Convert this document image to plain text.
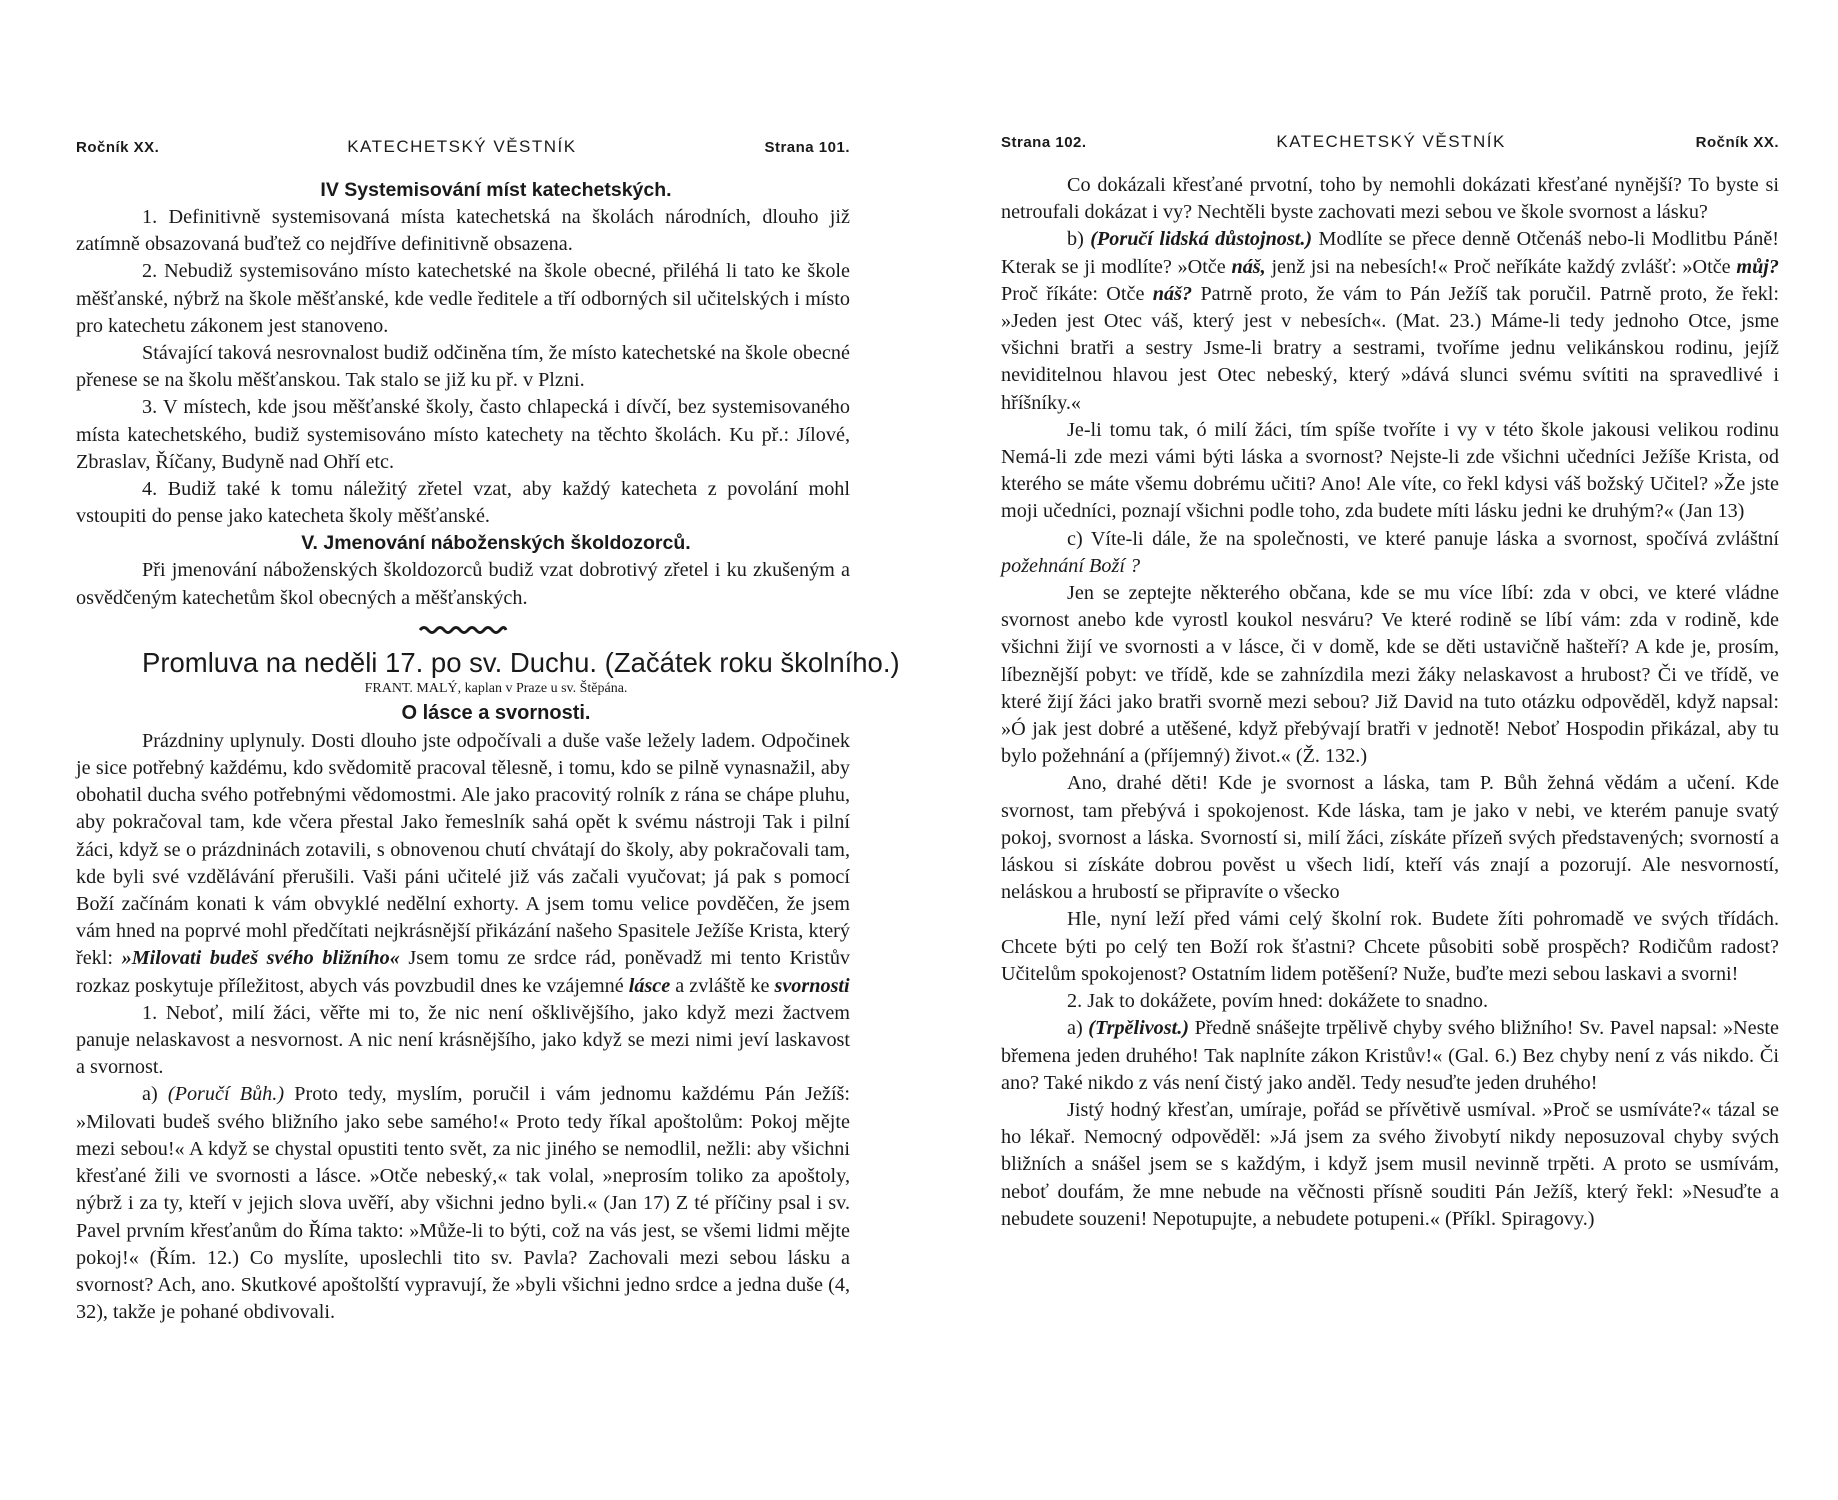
Ročník XX.	KATECHETSKÝ VĚSTNÍK	Strana 101.

IV Systemisování míst katechetských.

1. Definitivně systemisovaná místa katechetská na školách národních, dlouho již zatímně obsazovaná buďtež co nejdříve definitivně obsazena.

2. Nebudiž systemisováno místo katechetské na škole obecné, přiléhá li tato ke škole měšťanské, nýbrž na škole měšťanské, kde vedle ředitele a tří odborných sil učitelských i místo pro katechetu zákonem jest stanoveno.

Stávající taková nesrovnalost budiž odčiněna tím, že místo katechetské na škole obecné přenese se na školu měšťanskou. Tak stalo se již ku př. v Plzni.

3. V místech, kde jsou měšťanské školy, často chlapecká i dívčí, bez systemisovaného místa katechetského, budiž systemisováno místo katechety na těchto školách. Ku př.: Jílové, Zbraslav, Říčany, Budyně nad Ohří etc.

4. Budiž také k tomu náležitý zřetel vzat, aby každý katecheta z povolání mohl vstoupiti do pense jako katecheta školy měšťanské.

V. Jmenování náboženských školdozorců.

Při jmenování náboženských školdozorců budiž vzat dobrotivý zřetel i ku zkušeným a osvědčeným katechetům škol obecných a měšťanských.

Promluva na neděli 17. po sv. Duchu. (Začátek roku školního.)

FRANT. MALÝ, kaplan v Praze u sv. Štěpána.

O lásce a svornosti.

Prázdniny uplynuly. Dosti dlouho jste odpočívali a duše vaše ležely ladem. Odpočinek je sice potřebný každému, kdo svědomitě pracoval tělesně, i tomu, kdo se pilně vynasnažil, aby obohatil ducha svého potřebnými vědomostmi. Ale jako pracovitý rolník z rána se chápe pluhu, aby pokračoval tam, kde včera přestal Jako řemeslník sahá opět k svému nástroji Tak i pilní žáci, když se o prázdninách zotavili, s obnovenou chutí chvátají do školy, aby pokračovali tam, kde byli své vzdělávání přerušili. Vaši páni učitelé již vás začali vyučovat; já pak s pomocí Boží začínám konati k vám obvyklé nedělní exhorty. A jsem tomu velice povděčen, že jsem vám hned na poprvé mohl předčítati nejkrásnější přikázání našeho Spasitele Ježíše Krista, který řekl: »Milovati budeš svého bližního« Jsem tomu ze srdce rád, poněvadž mi tento Kristův rozkaz poskytuje příležitost, abych vás povzbudil dnes ke vzájemné lásce a zvláště ke svornosti

1. Neboť, milí žáci, věřte mi to, že nic není ošklivějšího, jako když mezi žactvem panuje nelaskavost a nesvornost. A nic není krásnějšího, jako když se mezi nimi jeví laskavost a svornost.

a) (Poručí Bůh.) Proto tedy, myslím, poručil i vám jednomu každému Pán Ježíš: »Milovati budeš svého bližního jako sebe samého!« Proto tedy říkal apoštolům: Pokoj mějte mezi sebou!« A když se chystal opustiti tento svět, za nic jiného se nemodlil, nežli: aby všichni křesťané žili ve svornosti a lásce. »Otče nebeský,« tak volal, »neprosím toliko za apoštoly, nýbrž i za ty, kteří v jejich slova uvěří, aby všichni jedno byli.« (Jan 17) Z té příčiny psal i sv. Pavel prvním křesťanům do Říma takto: »Může-li to býti, což na vás jest, se všemi lidmi mějte pokoj!« (Řím. 12.) Co myslíte, uposlechli tito sv. Pavla? Zachovali mezi sebou lásku a svornost? Ach, ano. Skutkové apoštolští vypravují, že »byli všichni jedno srdce a jedna duše (4, 32), takže je pohané obdivovali.

Strana 102.	KATECHETSKÝ VĚSTNÍK	Ročník XX.

Co dokázali křesťané prvotní, toho by nemohli dokázati křesťané nynější? To byste si netroufali dokázat i vy? Nechtěli byste zachovati mezi sebou ve škole svornost a lásku?

b) (Poručí lidská důstojnost.) Modlíte se přece denně Otčenáš nebo-li Modlitbu Páně! Kterak se ji modlíte? »Otče náš, jenž jsi na nebesích!« Proč neříkáte každý zvlášť: »Otče můj? Proč říkáte: Otče náš? Patrně proto, že vám to Pán Ježíš tak poručil. Patrně proto, že řekl: »Jeden jest Otec váš, který jest v nebesích«. (Mat. 23.) Máme-li tedy jednoho Otce, jsme všichni bratři a sestry Jsme-li bratry a sestrami, tvoříme jednu velikánskou rodinu, jejíž neviditelnou hlavou jest Otec nebeský, který »dává slunci svému svítiti na spravedlivé i hříšníky.«

Je-li tomu tak, ó milí žáci, tím spíše tvoříte i vy v této škole jakousi velikou rodinu Nemá-li zde mezi vámi býti láska a svornost? Nejste-li zde všichni učedníci Ježíše Krista, od kterého se máte všemu dobrému učiti? Ano! Ale víte, co řekl kdysi váš božský Učitel? »Že jste moji učedníci, poznají všichni podle toho, zda budete míti lásku jedni ke druhým?« (Jan 13)

c) Víte-li dále, že na společnosti, ve které panuje láska a svornost, spočívá zvláštní požehnání Boží ?

Jen se zeptejte některého občana, kde se mu více líbí: zda v obci, ve které vládne svornost anebo kde vyrostl koukol nesváru? Ve které rodině se líbí vám: zda v rodině, kde všichni žijí ve svornosti a v lásce, či v domě, kde se děti ustavičně hašteří? A kde je, prosím, líbeznější pobyt: ve třídě, kde se zahnízdila mezi žáky nelaskavost a hrubost? Či ve třídě, ve které žijí žáci jako bratři svorně mezi sebou? Již David na tuto otázku odpověděl, když napsal: »Ó jak jest dobré a utěšené, když přebývají bratři v jednotě! Neboť Hospodin přikázal, aby tu bylo požehnání a (příjemný) život.« (Ž. 132.)

Ano, drahé děti! Kde je svornost a láska, tam P. Bůh žehná vědám a učení. Kde svornost, tam přebývá i spokojenost. Kde láska, tam je jako v nebi, ve kterém panuje svatý pokoj, svornost a láska. Svorností si, milí žáci, získáte přízeň svých představených; svorností a láskou si získáte dobrou pověst u všech lidí, kteří vás znají a pozorují. Ale nesvorností, neláskou a hrubostí se připravíte o všecko

Hle, nyní leží před vámi celý školní rok. Budete žíti pohromadě ve svých třídách. Chcete býti po celý ten Boží rok šťastni? Chcete působiti sobě prospěch? Rodičům radost? Učitelům spokojenost? Ostatním lidem potěšení? Nuže, buďte mezi sebou laskavi a svorni!

2. Jak to dokážete, povím hned: dokážete to snadno.

a) (Trpělivost.) Předně snášejte trpělivě chyby svého bližního! Sv. Pavel napsal: »Neste břemena jeden druhého! Tak naplníte zákon Kristův!« (Gal. 6.) Bez chyby není z vás nikdo. Či ano? Také nikdo z vás není čistý jako anděl. Tedy nesuďte jeden druhého!

Jistý hodný křesťan, umíraje, pořád se přívětivě usmíval. »Proč se usmíváte?« tázal se ho lékař. Nemocný odpověděl: »Já jsem za svého živobytí nikdy neposuzoval chyby svých bližních a snášel jsem se s každým, i když jsem musil nevinně trpěti. A proto se usmívám, neboť doufám, že mne nebude na věčnosti přísně souditi Pán Ježíš, který řekl: »Nesuďte a nebudete souzeni! Nepotupujte, a nebudete potupeni.« (Příkl. Spiragovy.)
